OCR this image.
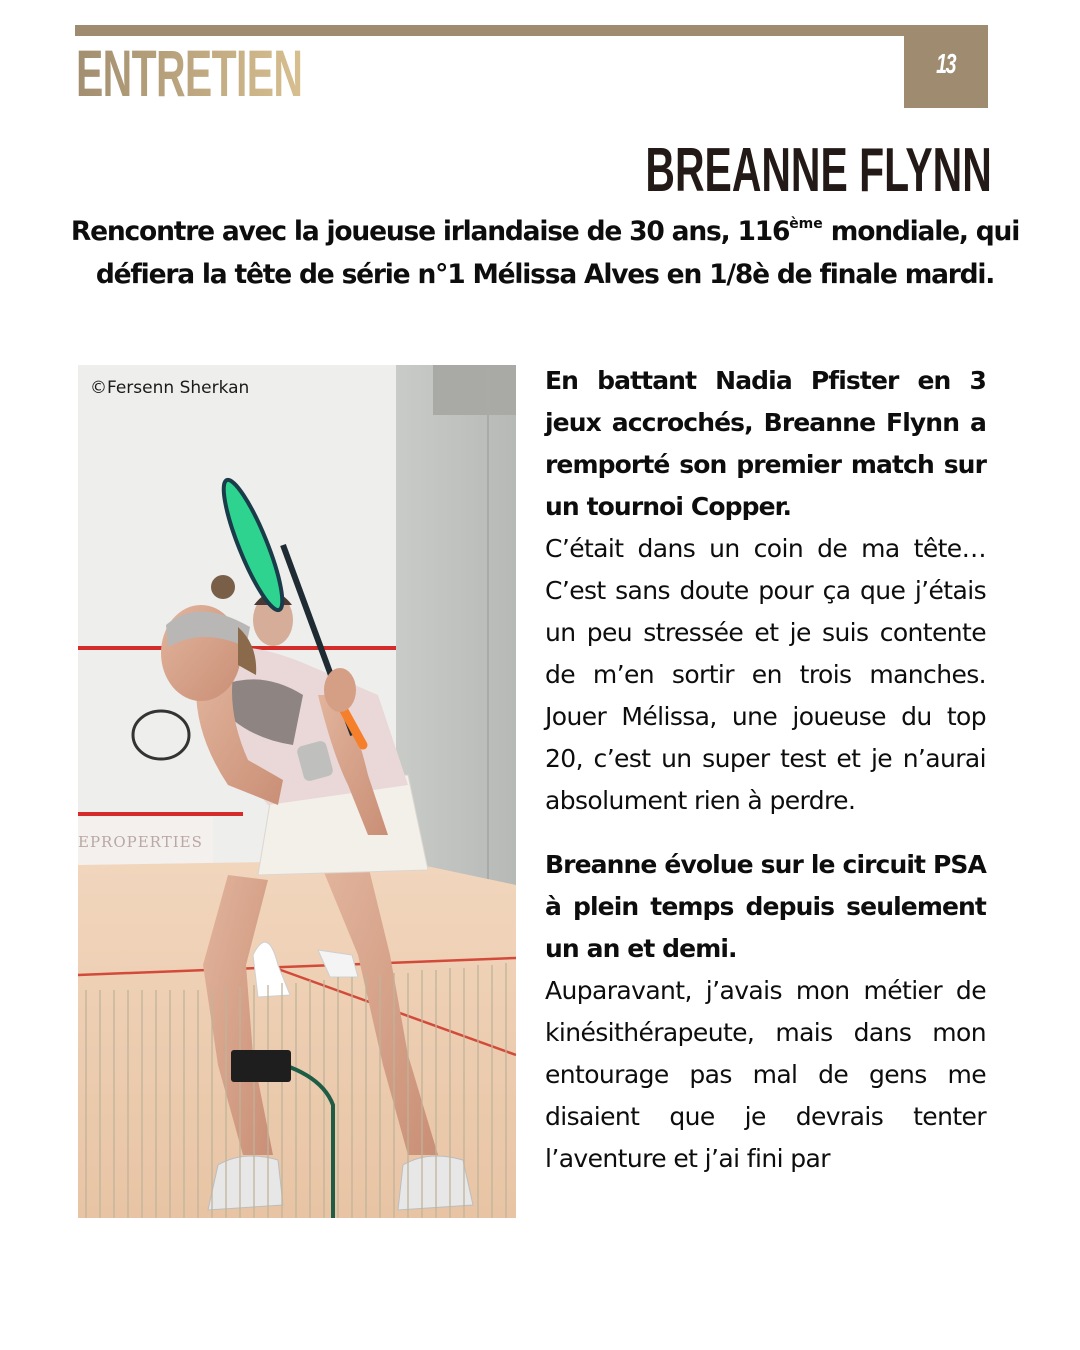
ENTRETIEN	13
BREANNE FLYNN
Rencontre avec la joueuse irlandaise de 30 ans, 116ème mondiale, qui défiera la tête de série n°1 Mélissa Alves en 1/8è de finale mardi.
EPROPERTIES
©Fersenn Sherkan	En battant Nadia Pfister en 3 jeux accrochés, Breanne Flynn a remporté son premier match sur un tournoi Copper.

C’était dans un coin de ma tête… C’est sans doute pour ça que j’étais un peu stressée et je suis contente de m’en sortir en trois manches. Jouer Mélissa, une joueuse du top 20, c’est un super test et je n’aurai absolument rien à perdre.

Breanne évolue sur le circuit PSA à plein temps depuis seulement un an et demi.

Auparavant, j’avais mon métier de kinésithérapeute, mais dans mon entourage pas mal de gens me disaient que je devrais tenter l’aventure et j’ai fini par
